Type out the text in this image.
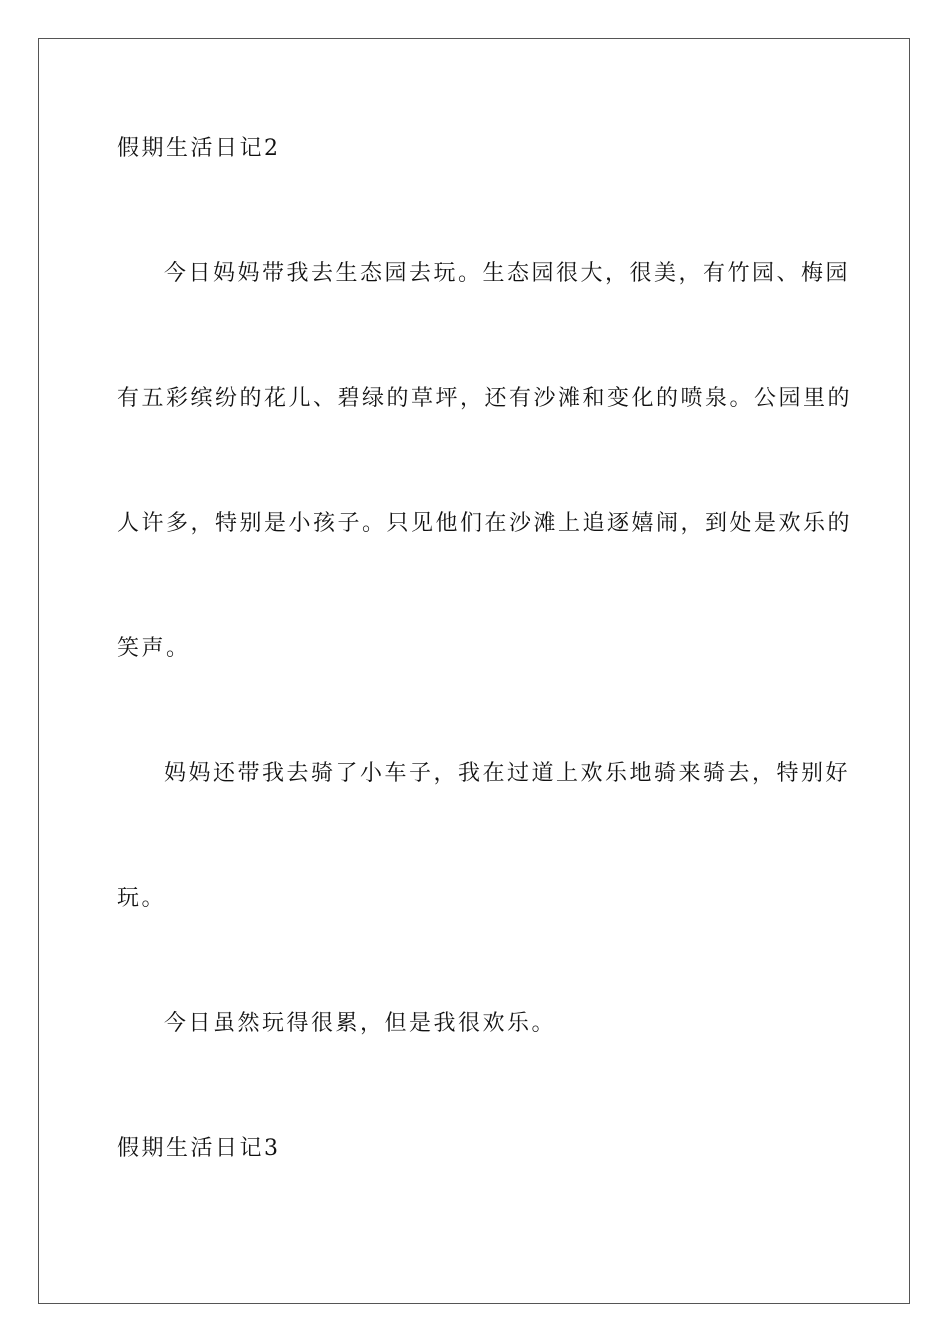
假期生活日记2
今日妈妈带我去生态园去玩。生态园很大，很美，有竹园、梅园
有五彩缤纷的花儿、碧绿的草坪，还有沙滩和变化的喷泉。公园里的
人许多，特别是小孩子。只见他们在沙滩上追逐嬉闹，到处是欢乐的
笑声。
妈妈还带我去骑了小车子，我在过道上欢乐地骑来骑去，特别好
玩。
今日虽然玩得很累，但是我很欢乐。
假期生活日记3
